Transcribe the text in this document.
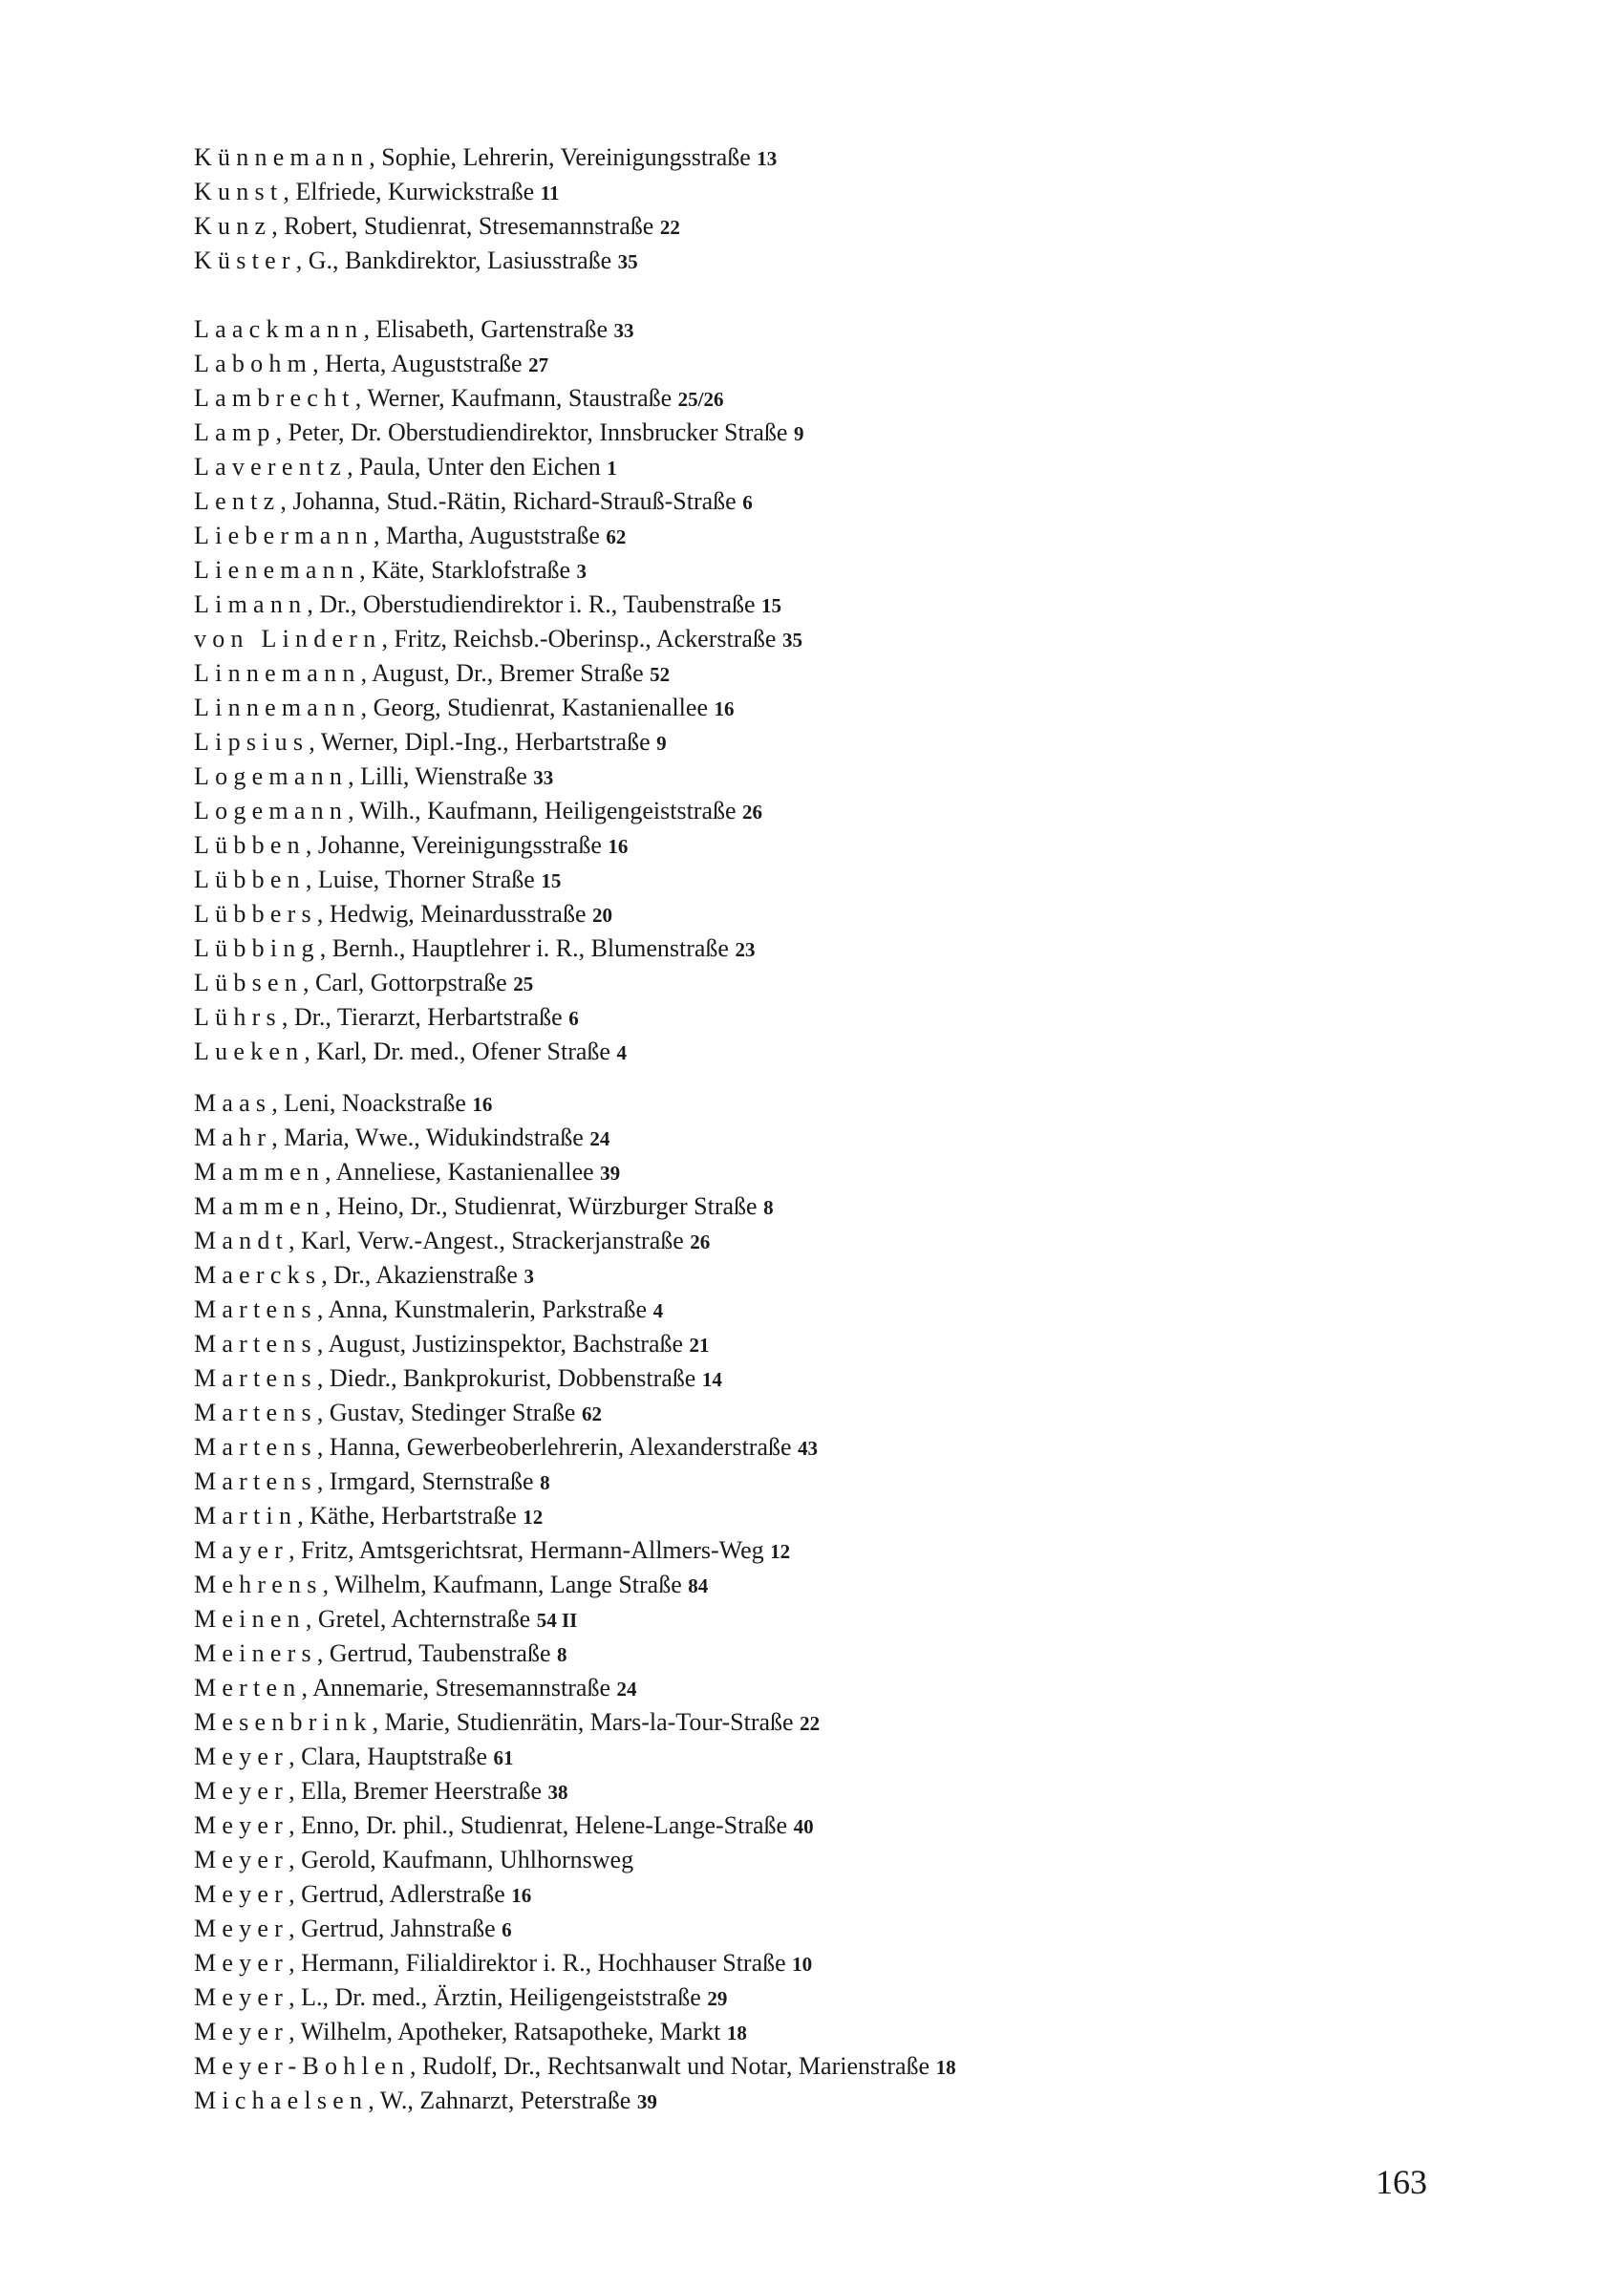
Künnemann, Sophie, Lehrerin, Vereinigungsstraße 13
Kunst, Elfriede, Kurwickstraße 11
Kunz, Robert, Studienrat, Stresemannstraße 22
Küster, G., Bankdirektor, Lasiusstraße 35
Laackmann, Elisabeth, Gartenstraße 33
Labohm, Herta, Auguststraße 27
Lambrecht, Werner, Kaufmann, Staustraße 25/26
Lamp, Peter, Dr. Oberstudiendirektor, Innsbrucker Straße 9
Laverentz, Paula, Unter den Eichen 1
Lentz, Johanna, Stud.-Rätin, Richard-Strauß-Straße 6
Liebermann, Martha, Auguststraße 62
Lienemann, Käte, Starklofstraße 3
Limann, Dr., Oberstudiendirektor i. R., Taubenstraße 15
von Lindern, Fritz, Reichsb.-Oberinsp., Ackerstraße 35
Linnemann, August, Dr., Bremer Straße 52
Linnemann, Georg, Studienrat, Kastanienallee 16
Lipsius, Werner, Dipl.-Ing., Herbartstraße 9
Logemann, Lilli, Wienstraße 33
Logemann, Wilh., Kaufmann, Heiligengeiststraße 26
Lübben, Johanne, Vereinigungsstraße 16
Lübben, Luise, Thorner Straße 15
Lübbers, Hedwig, Meinardusstraße 20
Lübbing, Bernh., Hauptlehrer i. R., Blumenstraße 23
Lübsen, Carl, Gottorpstraße 25
Lührs, Dr., Tierarzt, Herbartstraße 6
Lueken, Karl, Dr. med., Ofener Straße 4
Maas, Leni, Noackstraße 16
Mahr, Maria, Wwe., Widukindstraße 24
Mammen, Anneliese, Kastanienallee 39
Mammen, Heino, Dr., Studienrat, Würzburger Straße 8
Mandt, Karl, Verw.-Angest., Strackerjanstraße 26
Maercks, Dr., Akazienstraße 3
Martens, Anna, Kunstmalerin, Parkstraße 4
Martens, August, Justizinspektor, Bachstraße 21
Martens, Diedr., Bankprokurist, Dobbenstraße 14
Martens, Gustav, Stedinger Straße 62
Martens, Hanna, Gewerbeoberlehrerin, Alexanderstraße 43
Martens, Irmgard, Sternstraße 8
Martin, Käthe, Herbartstraße 12
Mayer, Fritz, Amtsgerichtsrat, Hermann-Allmers-Weg 12
Mehrens, Wilhelm, Kaufmann, Lange Straße 84
Meinen, Gretel, Achternstraße 54 II
Meiners, Gertrud, Taubenstraße 8
Merten, Annemarie, Stresemannstraße 24
Mesenbrink, Marie, Studienrätin, Mars-la-Tour-Straße 22
Meyer, Clara, Hauptstraße 61
Meyer, Ella, Bremer Heerstraße 38
Meyer, Enno, Dr. phil., Studienrat, Helene-Lange-Straße 40
Meyer, Gerold, Kaufmann, Uhlhornsweg
Meyer, Gertrud, Adlerstraße 16
Meyer, Gertrud, Jahnstraße 6
Meyer, Hermann, Filialdirektor i. R., Hochhauser Straße 10
Meyer, L., Dr. med., Ärztin, Heiligengeiststraße 29
Meyer, Wilhelm, Apotheker, Ratsapotheke, Markt 18
Meyer-Bohlen, Rudolf, Dr., Rechtsanwalt und Notar, Marienstraße 18
Michaelsen, W., Zahnarzt, Peterstraße 39
163
